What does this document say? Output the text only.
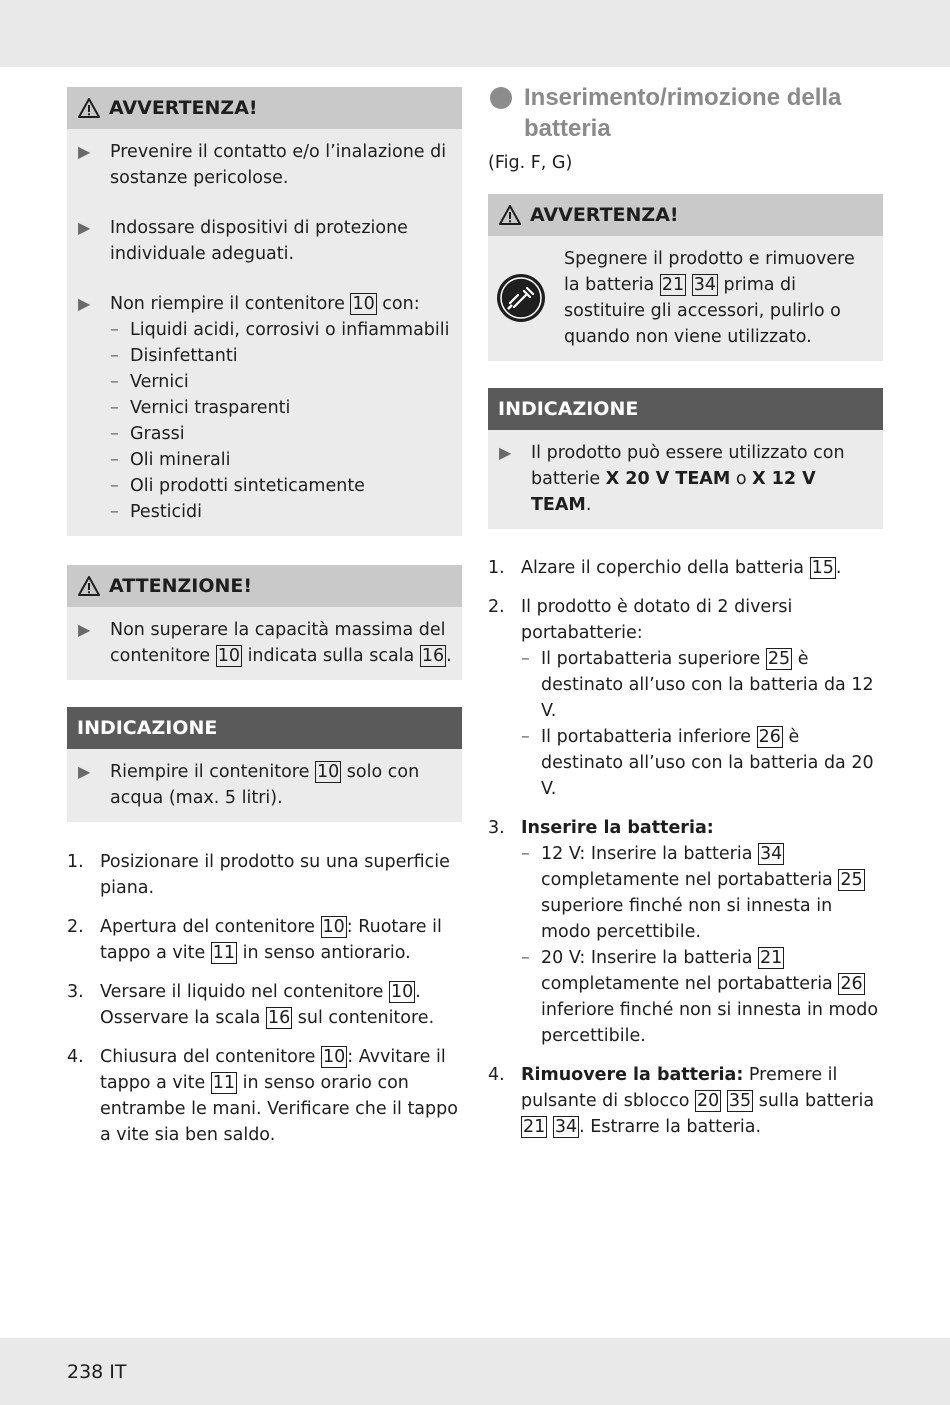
AVVERTENZA!
▶	Prevenire il contatto e/o l’inalazione di sostanze pericolose.
▶	Indossare dispositivi di protezione individuale adeguati.
▶	Non riempire il contenitore 10 con:
– Liquidi acidi, corrosivi o infiammabili
– Disinfettanti
– Vernici
– Vernici trasparenti
– Grassi
– Oli minerali
– Oli prodotti sinteticamente
– Pesticidi
ATTENZIONE!
▶	Non superare la capacità massima del contenitore 10 indicata sulla scala 16 .
INDICAZIONE
▶	Riempire il contenitore 10 solo con acqua (max. 5 litri).
1. Posizionare il prodotto su una superficie piana.
2. Apertura del contenitore 10 : Ruotare il tappo a vite 11 in senso antiorario.
3. Versare il liquido nel contenitore 10 . Osservare la scala 16 sul contenitore.
4. Chiusura del contenitore 10 : Avvitare il tappo a vite 11 in senso orario con entrambe le mani. Verificare che il tappo a vite sia ben saldo.
Inserimento/rimozione della batteria
(Fig. F, G)
AVVERTENZA!
Spegnere il prodotto e rimuovere la batteria 21 34 prima di sostituire gli accessori, pulirlo o quando non viene utilizzato.
INDICAZIONE
▶	Il prodotto può essere utilizzato con batterie X 20 V TEAM o X 12 V TEAM.
1. Alzare il coperchio della batteria 15 .
2. Il prodotto è dotato di 2 diversi portabatterie:
– Il portabatteria superiore 25 è destinato all’uso con la batteria da 12 V.
– Il portabatteria inferiore 26 è destinato all’uso con la batteria da 20 V.
3. Inserire la batteria:
– 12 V: Inserire la batteria 34 completamente nel portabatteria 25 superiore finché non si innesta in modo percettibile.
– 20 V: Inserire la batteria 21 completamente nel portabatteria 26 inferiore finché non si innesta in modo percettibile.
4. Rimuovere la batteria: Premere il pulsante di sblocco 20 35 sulla batteria 21 34 . Estrarre la batteria.
238 IT
